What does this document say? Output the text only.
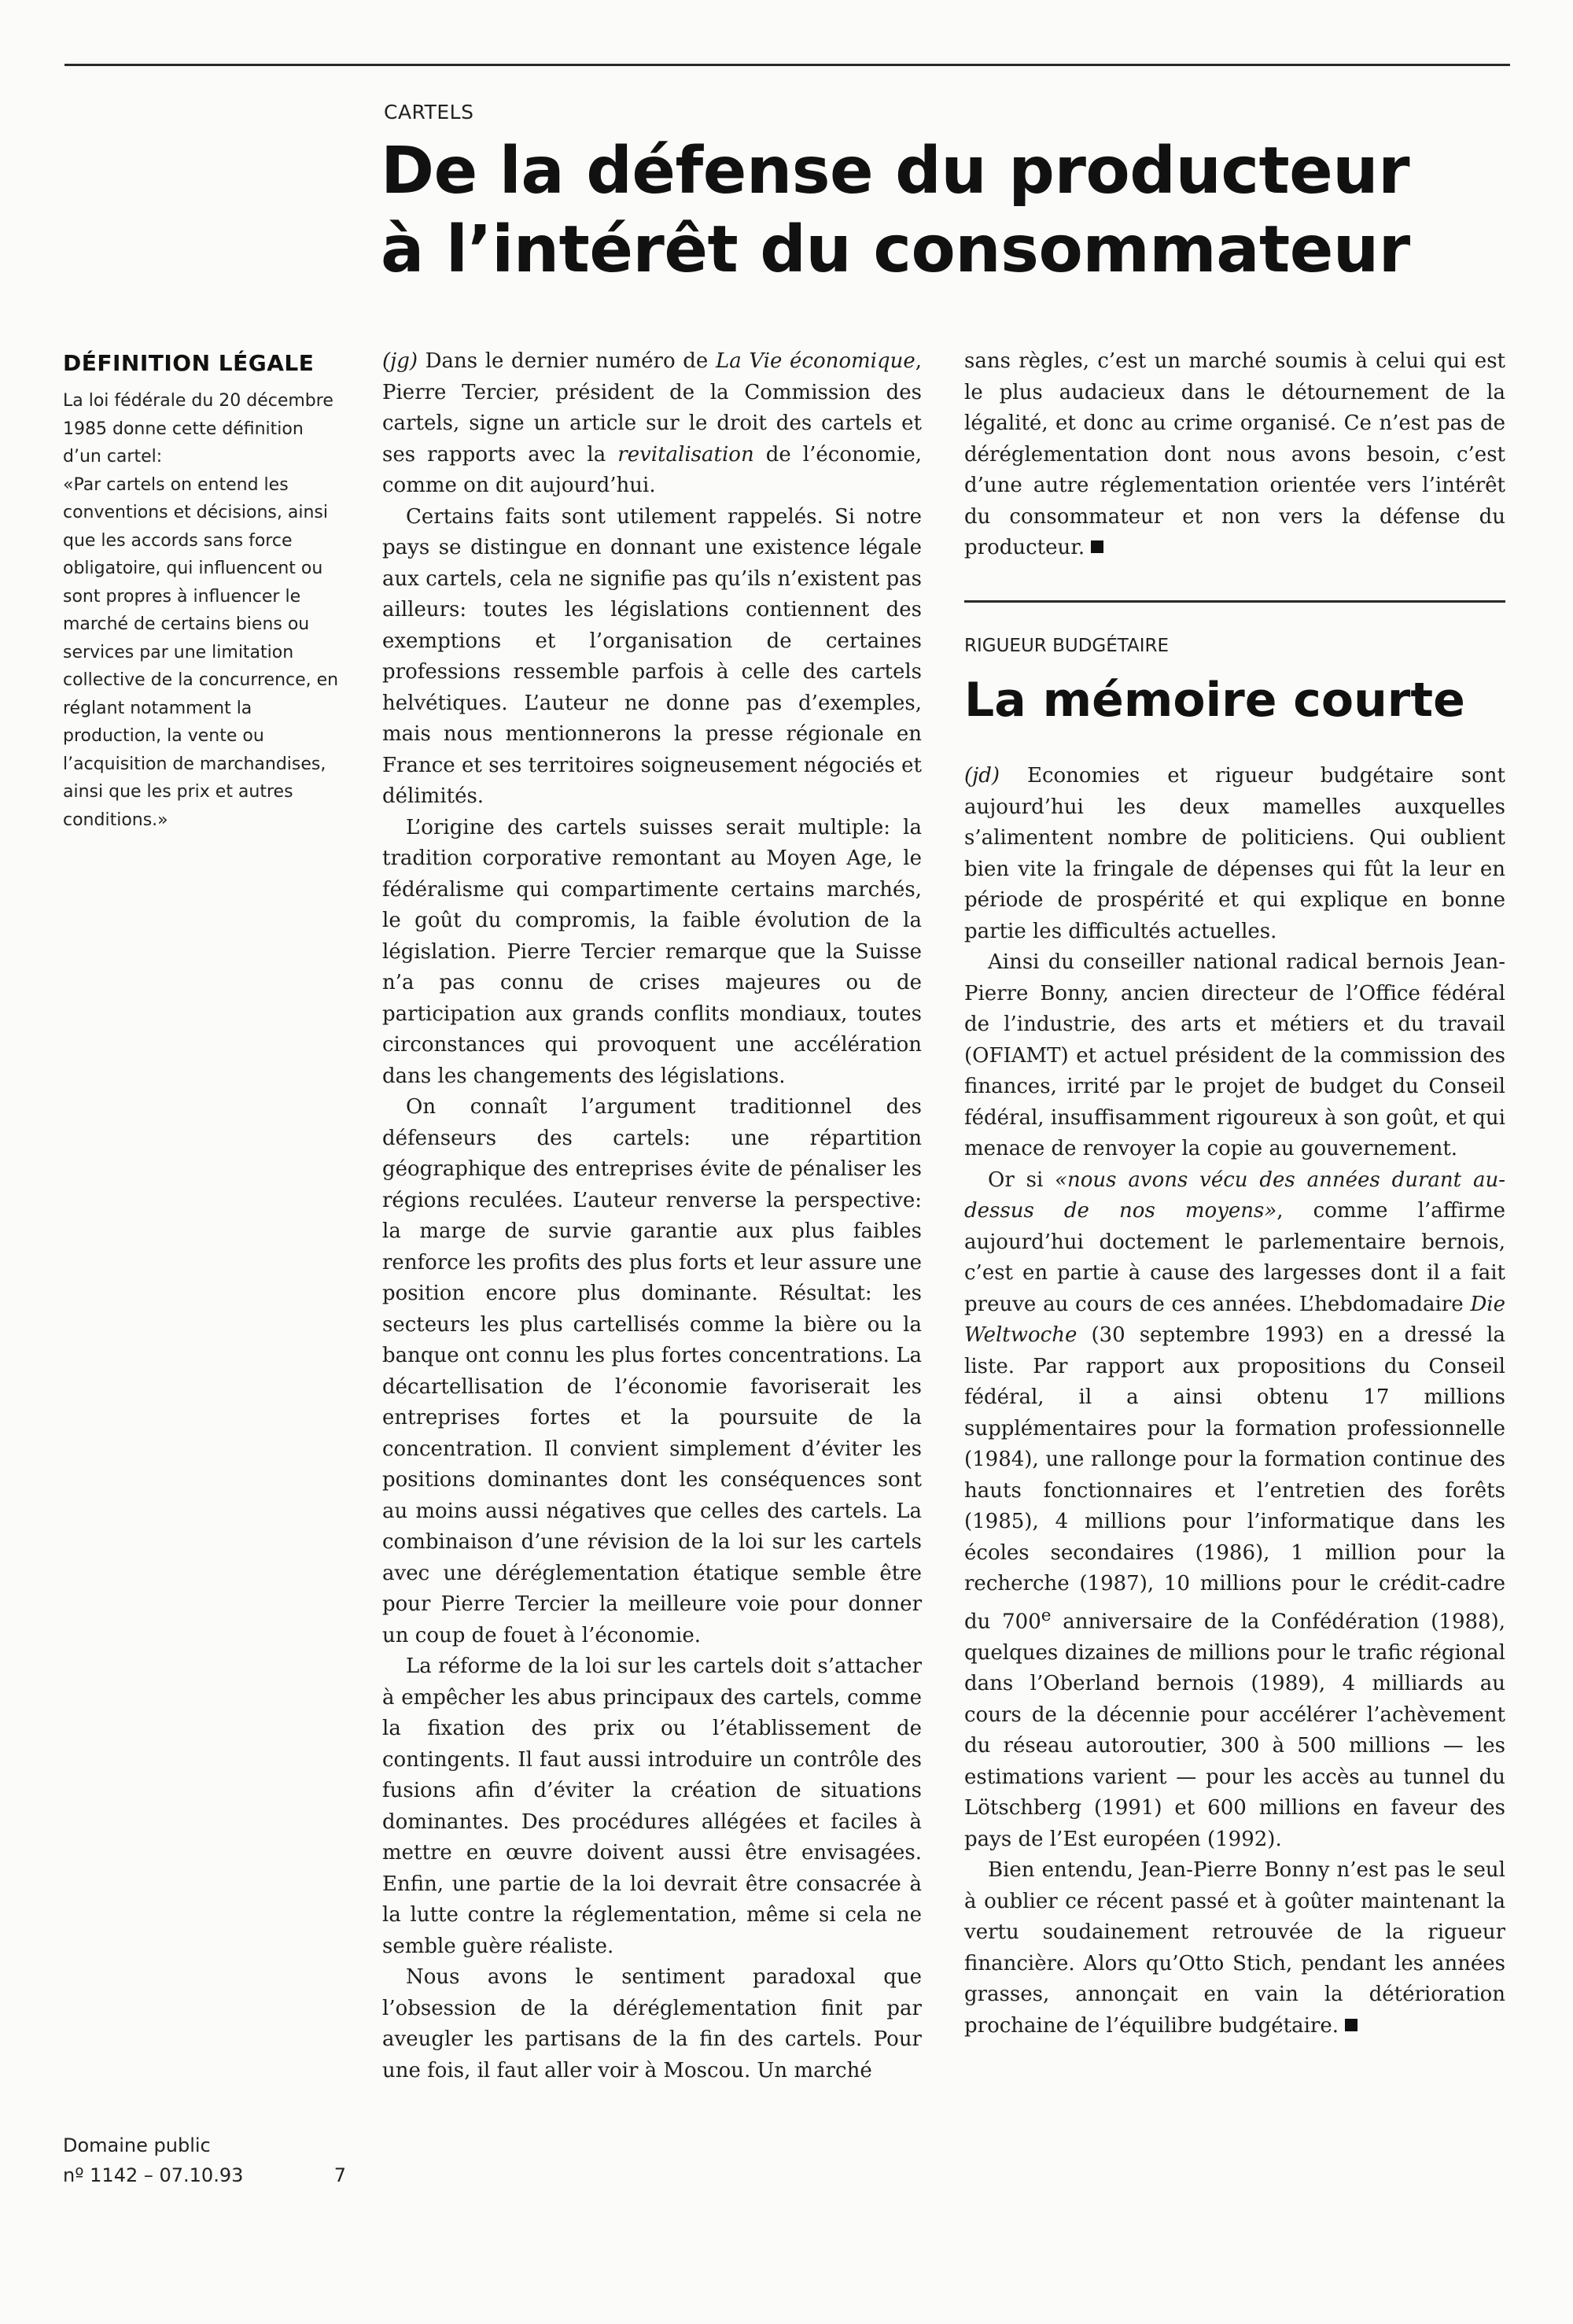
CARTELS
De la défense du producteur
à l’intérêt du consommateur
DÉFINITION LÉGALE

La loi fédérale du 20 décembre 1985 donne cette définition d’un cartel:

«Par cartels on entend les conventions et décisions, ainsi que les accords sans force obligatoire, qui influencent ou sont propres à influencer le marché de certains biens ou services par une limitation collective de la concurrence, en réglant notamment la production, la vente ou l’acquisition de marchandises, ainsi que les prix et autres conditions.»

Domaine public
nº 1142 – 07.10.93	7

(jg) Dans le dernier numéro de La Vie économique, Pierre Tercier, président de la Commission des cartels, signe un article sur le droit des cartels et ses rapports avec la revitalisation de l’économie, comme on dit aujourd’hui.

Certains faits sont utilement rappelés. Si notre pays se distingue en donnant une existence légale aux cartels, cela ne signifie pas qu’ils n’existent pas ailleurs: toutes les législations contiennent des exemptions et l’organisation de certaines professions ressemble parfois à celle des cartels helvétiques. L’auteur ne donne pas d’exemples, mais nous mentionnerons la presse régionale en France et ses territoires soigneusement négociés et délimités.

L’origine des cartels suisses serait multiple: la tradition corporative remontant au Moyen Age, le fédéralisme qui compartimente certains marchés, le goût du compromis, la faible évolution de la législation. Pierre Tercier remarque que la Suisse n’a pas connu de crises majeures ou de participation aux grands conflits mondiaux, toutes circonstances qui provoquent une accélération dans les changements des législations.

On connaît l’argument traditionnel des défenseurs des cartels: une répartition géographique des entreprises évite de pénaliser les régions reculées. L’auteur renverse la perspective: la marge de survie garantie aux plus faibles renforce les profits des plus forts et leur assure une position encore plus dominante. Résultat: les secteurs les plus cartellisés comme la bière ou la banque ont connu les plus fortes concentrations. La décartellisation de l’économie favoriserait les entreprises fortes et la poursuite de la concentration. Il convient simplement d’éviter les positions dominantes dont les conséquences sont au moins aussi négatives que celles des cartels. La combinaison d’une révision de la loi sur les cartels avec une déréglementation étatique semble être pour Pierre Tercier la meilleure voie pour donner un coup de fouet à l’économie.

La réforme de la loi sur les cartels doit s’attacher à empêcher les abus principaux des cartels, comme la fixation des prix ou l’établissement de contingents. Il faut aussi introduire un contrôle des fusions afin d’éviter la création de situations dominantes. Des procédures allégées et faciles à mettre en œuvre doivent aussi être envisagées. Enfin, une partie de la loi devrait être consacrée à la lutte contre la réglementation, même si cela ne semble guère réaliste.

Nous avons le sentiment paradoxal que l’obsession de la déréglementation finit par aveugler les partisans de la fin des cartels. Pour une fois, il faut aller voir à Moscou. Un marché

sans règles, c’est un marché soumis à celui qui est le plus audacieux dans le détournement de la légalité, et donc au crime organisé. Ce n’est pas de déréglementation dont nous avons besoin, c’est d’une autre réglementation orientée vers l’intérêt du consommateur et non vers la défense du producteur.

RIGUEUR BUDGÉTAIRE
La mémoire courte

(jd) Economies et rigueur budgétaire sont aujourd’hui les deux mamelles auxquelles s’alimentent nombre de politiciens. Qui oublient bien vite la fringale de dépenses qui fût la leur en période de prospérité et qui explique en bonne partie les difficultés actuelles.

Ainsi du conseiller national radical bernois Jean-Pierre Bonny, ancien directeur de l’Office fédéral de l’industrie, des arts et métiers et du travail (OFIAMT) et actuel président de la commission des finances, irrité par le projet de budget du Conseil fédéral, insuffisamment rigoureux à son goût, et qui menace de renvoyer la copie au gouvernement.

Or si «nous avons vécu des années durant au-dessus de nos moyens», comme l’affirme aujourd’hui doctement le parlementaire bernois, c’est en partie à cause des largesses dont il a fait preuve au cours de ces années. L’hebdomadaire Die Weltwoche (30 septembre 1993) en a dressé la liste. Par rapport aux propositions du Conseil fédéral, il a ainsi obtenu 17 millions supplémentaires pour la formation professionnelle (1984), une rallonge pour la formation continue des hauts fonctionnaires et l’entretien des forêts (1985), 4 millions pour l’informatique dans les écoles secondaires (1986), 1 million pour la recherche (1987), 10 millions pour le crédit-cadre du 700e anniversaire de la Confédération (1988), quelques dizaines de millions pour le trafic régional dans l’Oberland bernois (1989), 4 milliards au cours de la décennie pour accélérer l’achèvement du réseau autoroutier, 300 à 500 millions — les estimations varient — pour les accès au tunnel du Lötschberg (1991) et 600 millions en faveur des pays de l’Est européen (1992).

Bien entendu, Jean-Pierre Bonny n’est pas le seul à oublier ce récent passé et à goûter maintenant la vertu soudainement retrouvée de la rigueur financière. Alors qu’Otto Stich, pendant les années grasses, annonçait en vain la détérioration prochaine de l’équilibre budgétaire.
